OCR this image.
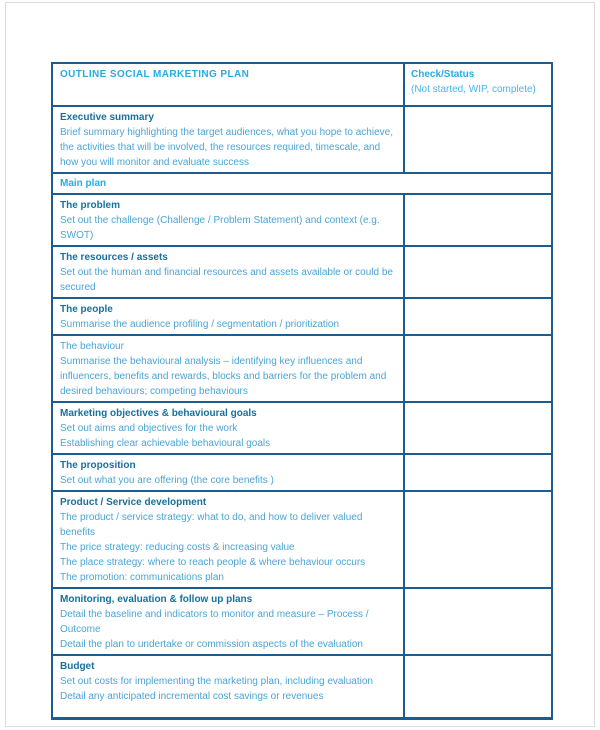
OUTLINE SOCIAL MARKETING PLAN	Check/Status
(Not started, WIP, complete)
Executive summary
Brief summary highlighting the target audiences, what you hope to achieve, the activities that will be involved, the resources required, timescale, and how you will monitor and evaluate success
Main plan
The problem
Set out the challenge (Challenge / Problem Statement) and context (e.g. SWOT)
The resources / assets
Set out the human and financial resources and assets available or could be secured
The people
Summarise the audience profiling / segmentation / prioritization
The behaviour
Summarise the behavioural analysis – identifying key influences and influencers, benefits and rewards, blocks and barriers for the problem and desired behaviours; competing behaviours
Marketing objectives & behavioural goals
Set out aims and objectives for the work
Establishing clear achievable behavioural goals
The proposition
Set out what you are offering (the core benefits )
Product / Service development
The product / service strategy: what to do, and how to deliver valued benefits
The price strategy: reducing costs & increasing value
The place strategy: where to reach people & where behaviour occurs
The promotion: communications plan
Monitoring, evaluation & follow up plans
Detail the baseline and indicators to monitor and measure – Process / Outcome
Detail the plan to undertake or commission aspects of the evaluation
Budget
Set out costs for implementing the marketing plan, including evaluation
Detail any anticipated incremental cost savings or revenues
